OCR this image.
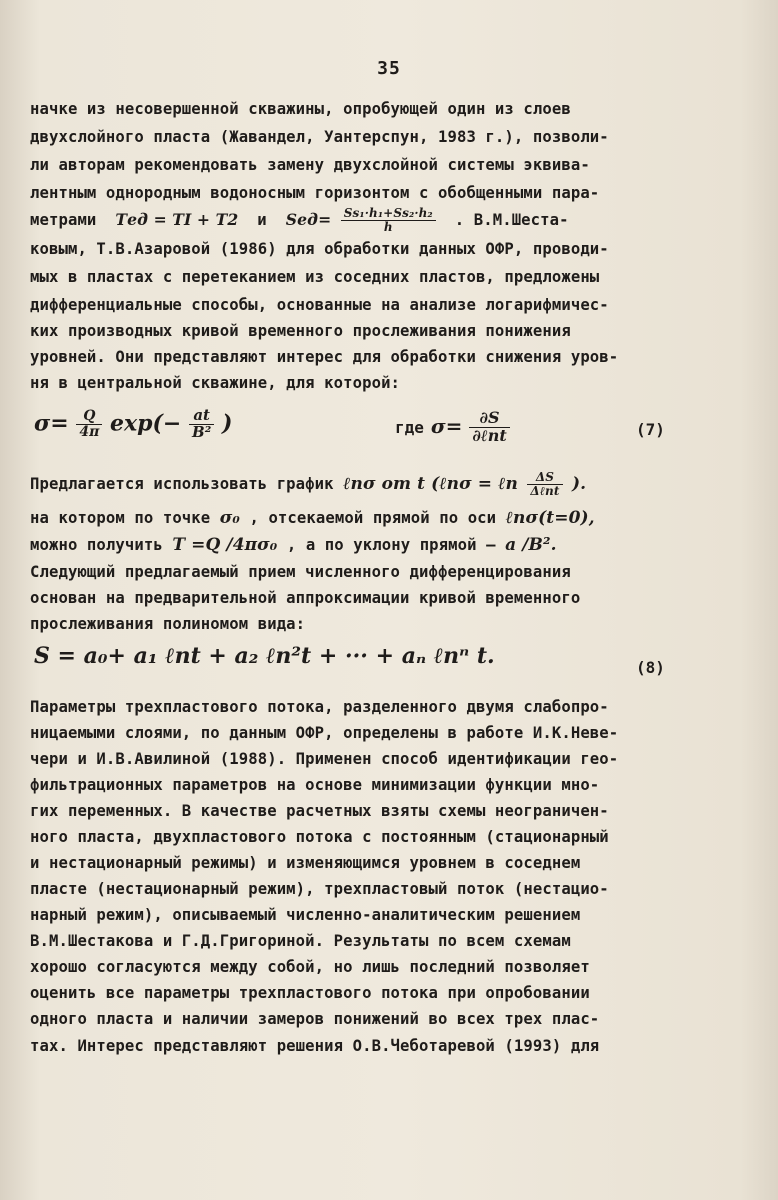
35
начке из несовершенной скважины, опробующей один из слоев
двухслойного пласта (Жавандел, Уантерспун, 1983 г.), позволи-
ли авторам рекомендовать замену двухслойной системы эквива-
лентным однородным водоносным горизонтом с обобщенными пара-
метрами Tед = TI + T2 и $Sед= \frac{\text{Ss₁·h₁+Ss₂·h₂}}{h}$ . В.М.Шеста-
ковым, Т.В.Азаровой (1986) для обработки данных ОФР, проводи-
мых в пластах с перетеканием из соседних пластов, предложены
дифференциальные способы, основанные на анализе логарифмичес-
ких производных кривой временного прослеживания понижения
уровней. Они представляют интерес для обработки снижения уров-
ня в центральной скважине, для которой:
$\sigma= \frac{Q}{4\pi} \exp(- \frac{at}{\text{B²}}$ )	где $\sigma= \frac{\partial S}{\text{∂ℓnt}}$	(7)
Предлагается использовать график ℓnσ от t (ℓnσ = ℓn $\frac{\Delta S}{\text{Δℓnt}}$ ).
на котором по точке σ₀ , отсекаемой прямой по оси ℓnσ(t=0),
можно получить T =Q /4πσ₀ , а по уклону прямой – a /B².
Следующий предлагаемый прием численного дифференцирования
основан на предварительной аппроксимации кривой временного
прослеживания полиномом вида:
S = a₀+ a₁ ℓnt + a₂ ℓn²t + ··· + aₙ ℓnⁿ t.	(8)
Параметры трехпластового потока, разделенного двумя слабопро-
ницаемыми слоями, по данным ОФР, определены в работе И.К.Неве-
чери и И.В.Авилиной (1988). Применен способ идентификации гео-
фильтрационных параметров на основе минимизации функции мно-
гих переменных. В качестве расчетных взяты схемы неограничен-
ного пласта, двухпластового потока с постоянным (стационарный
и нестационарный режимы) и изменяющимся уровнем в соседнем
пласте (нестационарный режим), трехпластовый поток (нестацио-
нарный режим), описываемый численно-аналитическим решением
В.М.Шестакова и Г.Д.Григориной. Результаты по всем схемам
хорошо согласуются между собой, но лишь последний позволяет
оценить все параметры трехпластового потока при опробовании
одного пласта и наличии замеров понижений во всех трех плас-
тах. Интерес представляют решения О.В.Чеботаревой (1993) для
